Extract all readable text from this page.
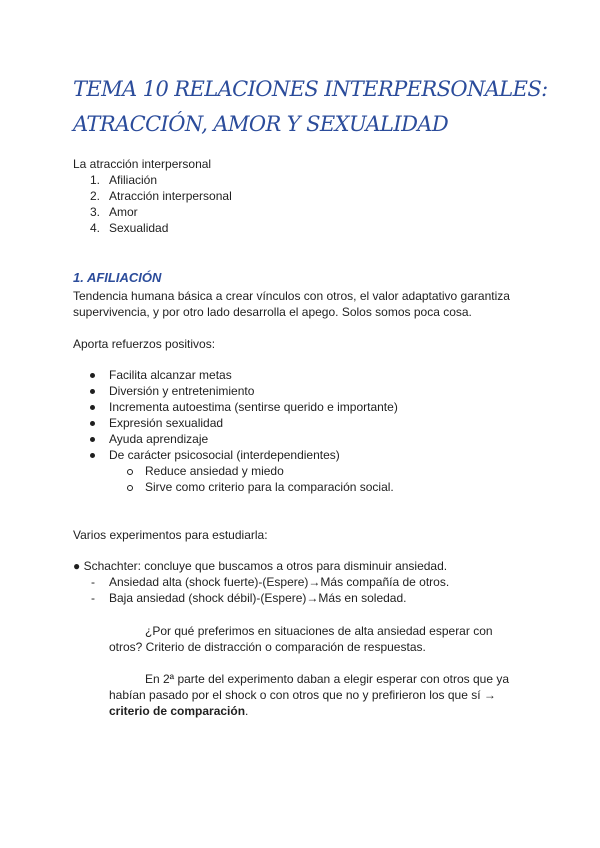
TEMA 10 RELACIONES INTERPERSONALES:
ATRACCIÓN, AMOR Y SEXUALIDAD

La atracción interpersonal

1. Afiliación
2. Atracción interpersonal
3. Amor
4. Sexualidad
1. AFILIACIÓN

Tendencia humana básica a crear vínculos con otros, el valor adaptativo garantiza

supervivencia, y por otro lado desarrolla el apego. Solos somos poca cosa.

Aporta refuerzos positivos:

Facilita alcanzar metas

Diversión y entretenimiento

Incrementa autoestima (sentirse querido e importante)

Expresión sexualidad

Ayuda aprendizaje

De carácter psicosocial (interdependientes)

Reduce ansiedad y miedo

Sirve como criterio para la comparación social.

Varios experimentos para estudiarla:

● Schachter: concluye que buscamos a otros para disminuir ansiedad.

- Ansiedad alta (shock fuerte)-(Espere)→Más compañía de otros.

- Baja ansiedad (shock débil)-(Espere)→Más en soledad.

¿Por qué preferimos en situaciones de alta ansiedad esperar con

otros? Criterio de distracción o comparación de respuestas.

En 2ª parte del experimento daban a elegir esperar con otros que ya

habían pasado por el shock o con otros que no y prefirieron los que sí →

criterio de comparación.
